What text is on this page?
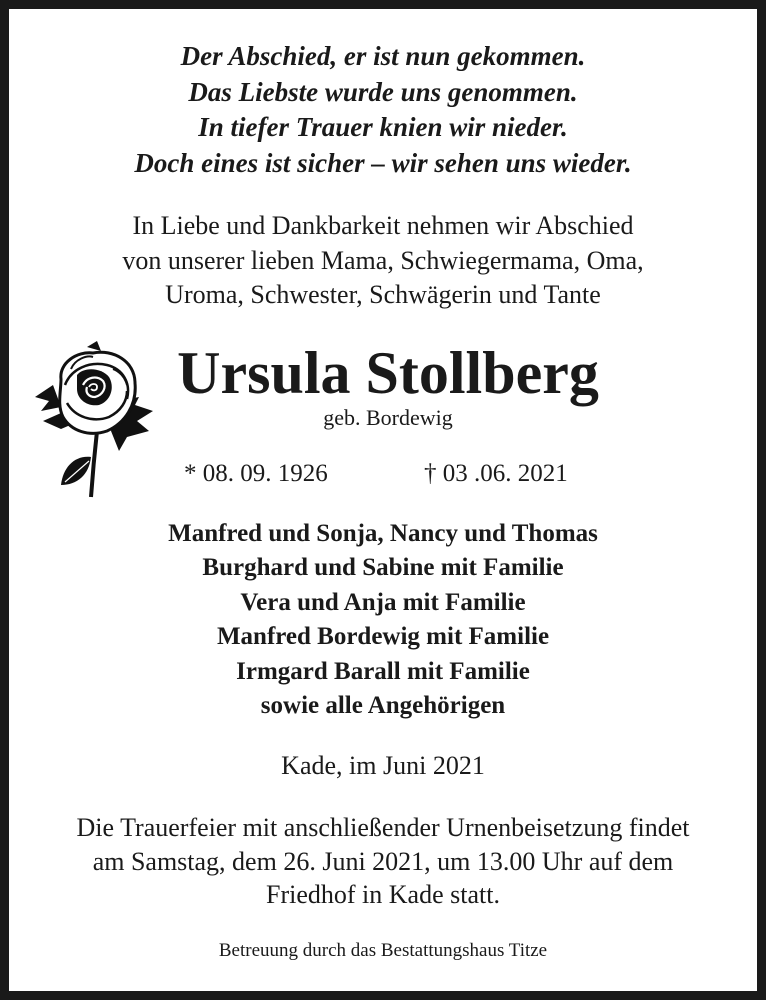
Der Abschied, er ist nun gekommen.
Das Liebste wurde uns genommen.
In tiefer Trauer knien wir nieder.
Doch eines ist sicher – wir sehen uns wieder.
In Liebe und Dankbarkeit nehmen wir Abschied
von unserer lieben Mama, Schwiegermama, Oma,
Uroma, Schwester, Schwägerin und Tante
Ursula Stollberg
geb. Bordewig
* 08. 09. 1926	† 03 .06. 2021
Manfred und Sonja, Nancy und Thomas
Burghard und Sabine mit Familie
Vera und Anja mit Familie
Manfred Bordewig mit Familie
Irmgard Barall mit Familie
sowie alle Angehörigen
Kade, im Juni 2021
Die Trauerfeier mit anschließender Urnenbeisetzung findet
am Samstag, dem 26. Juni 2021, um 13.00 Uhr auf dem
Friedhof in Kade statt.
Betreuung durch das Bestattungshaus Titze
